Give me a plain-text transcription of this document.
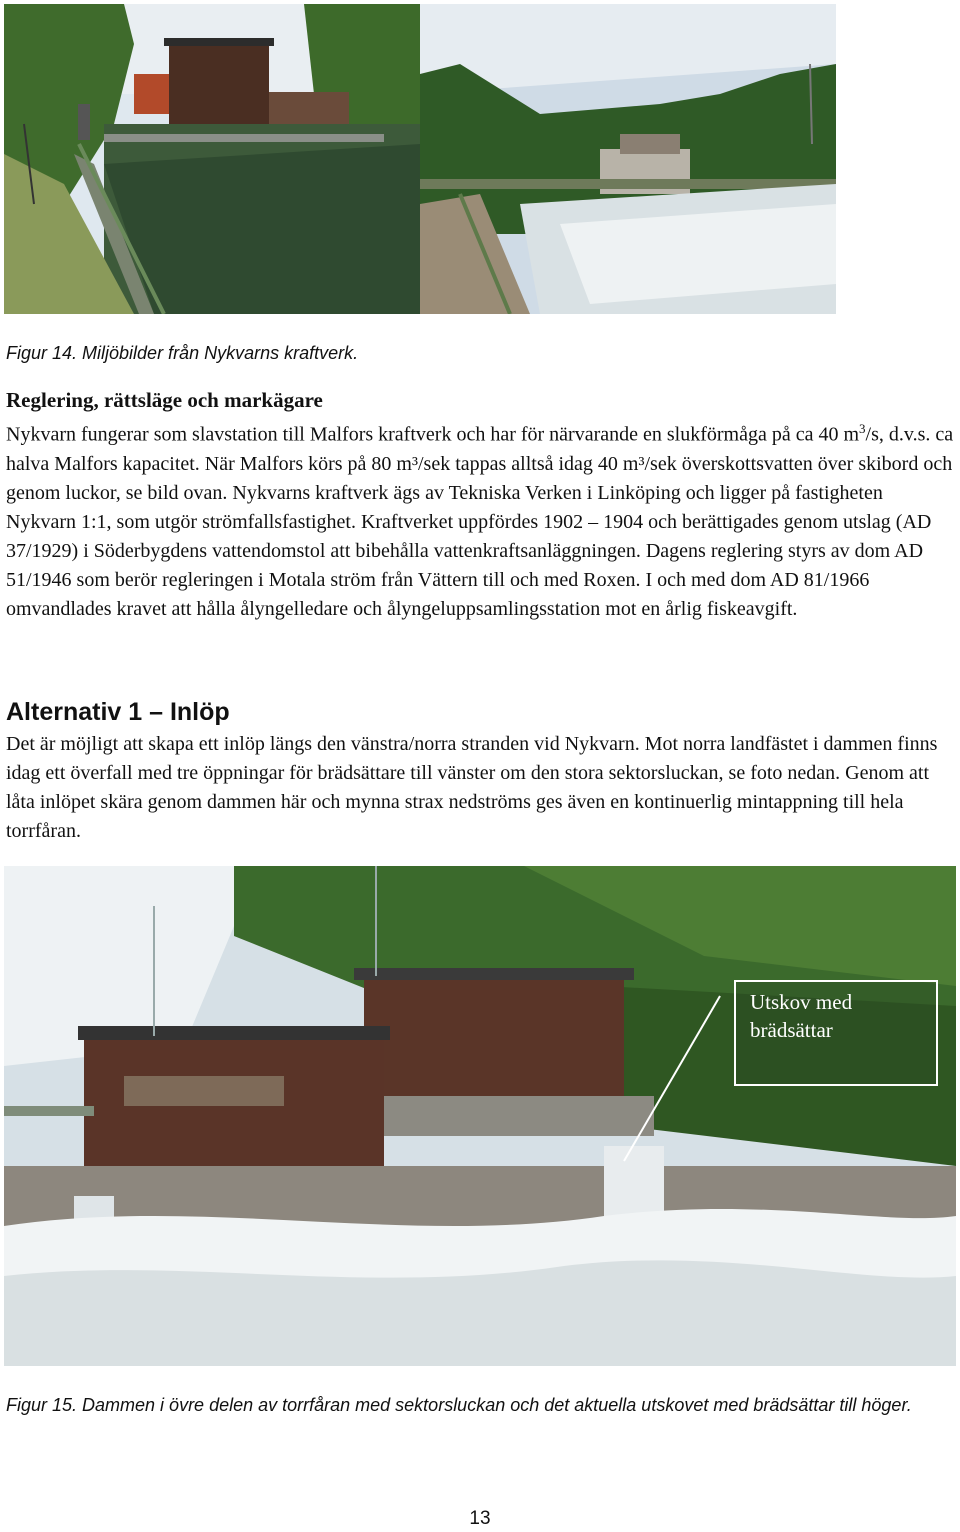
Figur 14. Miljöbilder från Nykvarns kraftverk.
Reglering, rättsläge och markägare

Nykvarn fungerar som slavstation till Malfors kraftverk och har för närvarande en slukförmåga på ca 40 $m^3/s$, d.v.s. ca halva Malfors kapacitet. När Malfors körs på 80 m³/sek tappas alltså idag 40 m³/sek överskottsvatten över skibord och genom luckor, se bild ovan. Nykvarns kraftverk ägs av Tekniska Verken i Linköping och ligger på fastigheten Nykvarn 1:1, som utgör strömfallsfastighet. Kraftverket uppfördes 1902 – 1904 och berättigades genom utslag (AD 37/1929) i Söderbygdens vattendomstol att bibehålla vattenkraftsanläggningen. Dagens reglering styrs av dom AD 51/1946 som berör regleringen i Motala ström från Vättern till och med Roxen. I och med dom AD 81/1966 omvandlades kravet att hålla ålyngelledare och ålyngeluppsamlingsstation mot en årlig fiskeavgift.

Alternativ 1 – Inlöp

Det är möjligt att skapa ett inlöp längs den vänstra/norra stranden vid Nykvarn. Mot norra landfästet i dammen finns idag ett överfall med tre öppningar för brädsättare till vänster om den stora sektorsluckan, se foto nedan. Genom att låta inlöpet skära genom dammen här och mynna strax nedströms ges även en kontinuerlig mintappning till hela torrfåran.

Utskov med brädsättar
Figur 15. Dammen i övre delen av torrfåran med sektorsluckan och det aktuella utskovet med brädsättar till höger.
13
